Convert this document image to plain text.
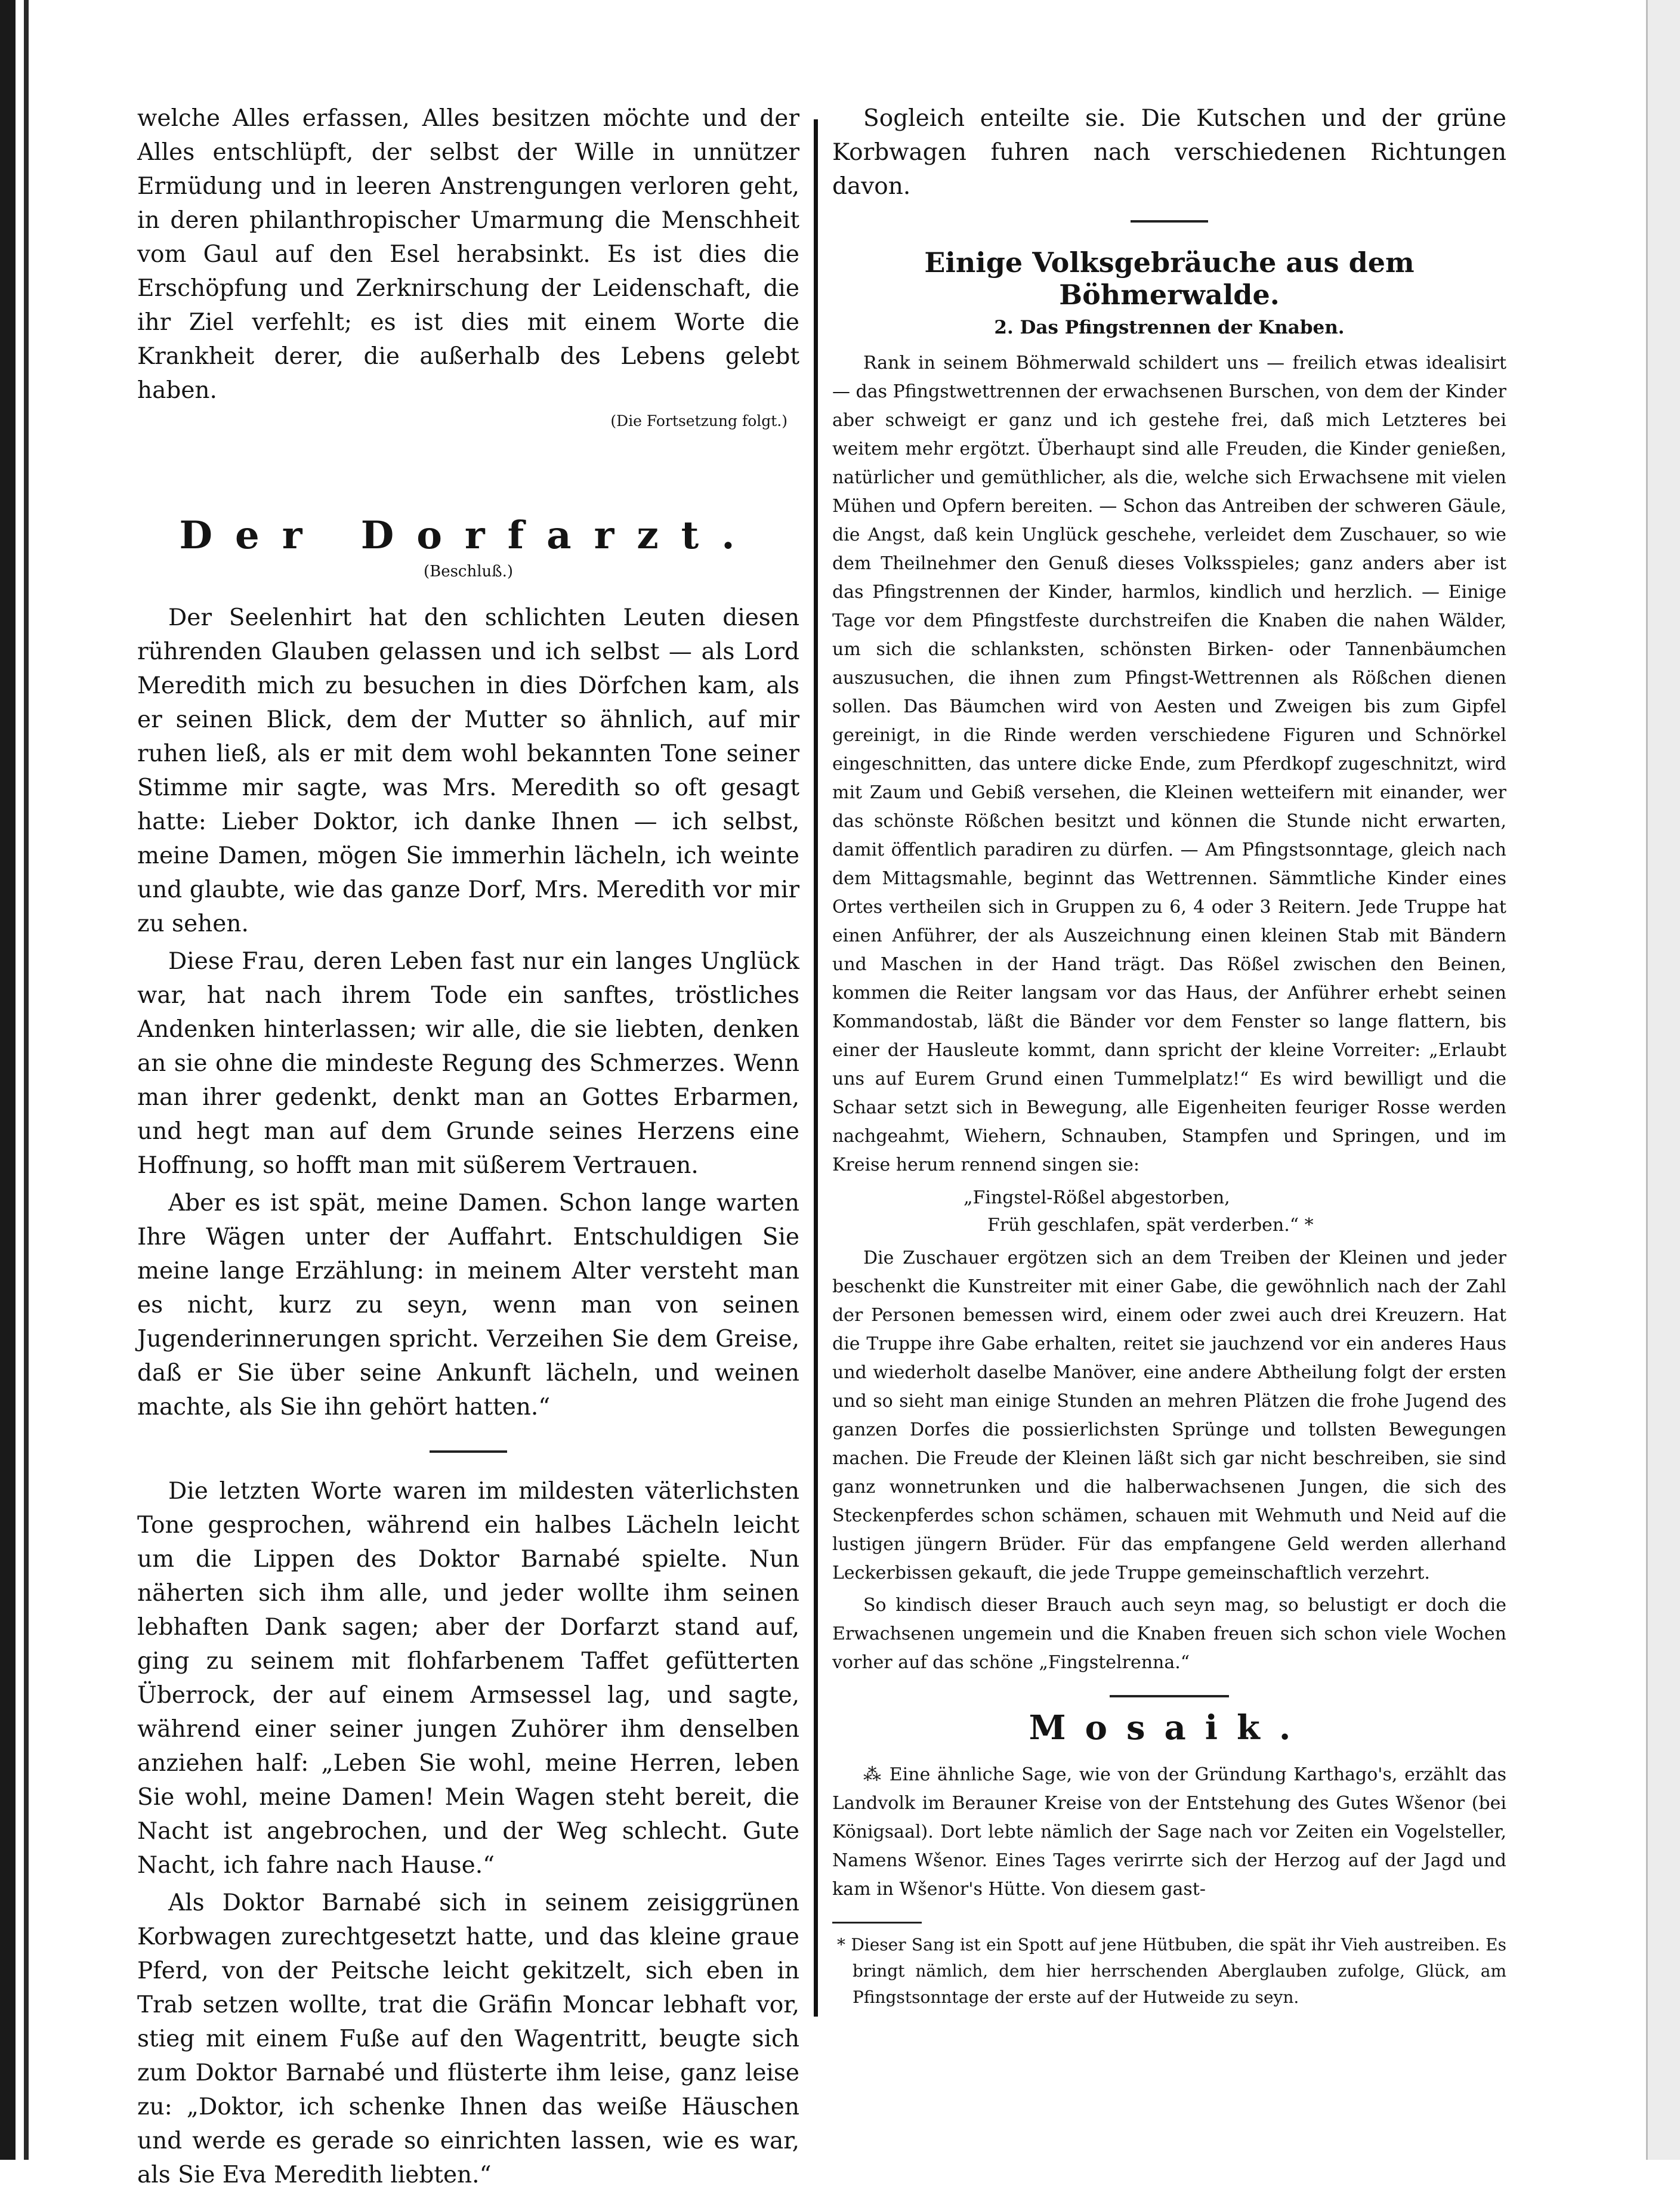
welche Alles erfassen, Alles besitzen möchte und der Alles entschlüpft, der selbst der Wille in unnützer Ermüdung und in leeren Anstrengungen verloren geht, in deren philanthropischer Umarmung die Menschheit vom Gaul auf den Esel herabsinkt. Es ist dies die Erschöpfung und Zerknirschung der Leidenschaft, die ihr Ziel verfehlt; es ist dies mit einem Worte die Krankheit derer, die außerhalb des Lebens gelebt haben.

(Die Fortsetzung folgt.)

Der Dorfarzt.

(Beschluß.)

Der Seelenhirt hat den schlichten Leuten diesen rührenden Glauben gelassen und ich selbst — als Lord Meredith mich zu besuchen in dies Dörfchen kam, als er seinen Blick, dem der Mutter so ähnlich, auf mir ruhen ließ, als er mit dem wohl bekannten Tone seiner Stimme mir sagte, was Mrs. Meredith so oft gesagt hatte: Lieber Doktor, ich danke Ihnen — ich selbst, meine Damen, mögen Sie immerhin lächeln, ich weinte und glaubte, wie das ganze Dorf, Mrs. Meredith vor mir zu sehen.

Diese Frau, deren Leben fast nur ein langes Unglück war, hat nach ihrem Tode ein sanftes, tröstliches Andenken hinterlassen; wir alle, die sie liebten, denken an sie ohne die mindeste Regung des Schmerzes. Wenn man ihrer gedenkt, denkt man an Gottes Erbarmen, und hegt man auf dem Grunde seines Herzens eine Hoffnung, so hofft man mit süßerem Vertrauen.

Aber es ist spät, meine Damen. Schon lange warten Ihre Wägen unter der Auffahrt. Entschuldigen Sie meine lange Erzählung: in meinem Alter versteht man es nicht, kurz zu seyn, wenn man von seinen Jugenderinnerungen spricht. Verzeihen Sie dem Greise, daß er Sie über seine Ankunft lächeln, und weinen machte, als Sie ihn gehört hatten.“

Die letzten Worte waren im mildesten väterlichsten Tone gesprochen, während ein halbes Lächeln leicht um die Lippen des Doktor Barnabé spielte. Nun näherten sich ihm alle, und jeder wollte ihm seinen lebhaften Dank sagen; aber der Dorfarzt stand auf, ging zu seinem mit flohfarbenem Taffet gefütterten Überrock, der auf einem Armsessel lag, und sagte, während einer seiner jungen Zuhörer ihm denselben anziehen half: „Leben Sie wohl, meine Herren, leben Sie wohl, meine Damen! Mein Wagen steht bereit, die Nacht ist angebrochen, und der Weg schlecht. Gute Nacht, ich fahre nach Hause.“

Als Doktor Barnabé sich in seinem zeisiggrünen Korbwagen zurechtgesetzt hatte, und das kleine graue Pferd, von der Peitsche leicht gekitzelt, sich eben in Trab setzen wollte, trat die Gräfin Moncar lebhaft vor, stieg mit einem Fuße auf den Wagentritt, beugte sich zum Doktor Barnabé und flüsterte ihm leise, ganz leise zu: „Doktor, ich schenke Ihnen das weiße Häuschen und werde es gerade so einrichten lassen, wie es war, als Sie Eva Meredith liebten.“

Sogleich enteilte sie. Die Kutschen und der grüne Korbwagen fuhren nach verschiedenen Richtungen davon.

Einige Volksgebräuche aus dem Böhmerwalde.

2. Das Pfingstrennen der Knaben.

Rank in seinem Böhmerwald schildert uns — freilich etwas idealisirt — das Pfingstwettrennen der erwachsenen Burschen, von dem der Kinder aber schweigt er ganz und ich gestehe frei, daß mich Letzteres bei weitem mehr ergötzt. Überhaupt sind alle Freuden, die Kinder genießen, natürlicher und gemüthlicher, als die, welche sich Erwachsene mit vielen Mühen und Opfern bereiten. — Schon das Antreiben der schweren Gäule, die Angst, daß kein Unglück geschehe, verleidet dem Zuschauer, so wie dem Theilnehmer den Genuß dieses Volksspieles; ganz anders aber ist das Pfingstrennen der Kinder, harmlos, kindlich und herzlich. — Einige Tage vor dem Pfingstfeste durchstreifen die Knaben die nahen Wälder, um sich die schlanksten, schönsten Birken- oder Tannenbäumchen auszusuchen, die ihnen zum Pfingst-Wettrennen als Rößchen dienen sollen. Das Bäumchen wird von Aesten und Zweigen bis zum Gipfel gereinigt, in die Rinde werden verschiedene Figuren und Schnörkel eingeschnitten, das untere dicke Ende, zum Pferdkopf zugeschnitzt, wird mit Zaum und Gebiß versehen, die Kleinen wetteifern mit einander, wer das schönste Rößchen besitzt und können die Stunde nicht erwarten, damit öffentlich paradiren zu dürfen. — Am Pfingstsonntage, gleich nach dem Mittagsmahle, beginnt das Wettrennen. Sämmtliche Kinder eines Ortes vertheilen sich in Gruppen zu 6, 4 oder 3 Reitern. Jede Truppe hat einen Anführer, der als Auszeichnung einen kleinen Stab mit Bändern und Maschen in der Hand trägt. Das Rößel zwischen den Beinen, kommen die Reiter langsam vor das Haus, der Anführer erhebt seinen Kommandostab, läßt die Bänder vor dem Fenster so lange flattern, bis einer der Hausleute kommt, dann spricht der kleine Vorreiter: „Erlaubt uns auf Eurem Grund einen Tummelplatz!“ Es wird bewilligt und die Schaar setzt sich in Bewegung, alle Eigenheiten feuriger Rosse werden nachgeahmt, Wiehern, Schnauben, Stampfen und Springen, und im Kreise herum rennend singen sie:

„Fingstel-Rößel abgestorben,

Früh geschlafen, spät verderben.“ *

Die Zuschauer ergötzen sich an dem Treiben der Kleinen und jeder beschenkt die Kunstreiter mit einer Gabe, die gewöhnlich nach der Zahl der Personen bemessen wird, einem oder zwei auch drei Kreuzern. Hat die Truppe ihre Gabe erhalten, reitet sie jauchzend vor ein anderes Haus und wiederholt daselbe Manöver, eine andere Abtheilung folgt der ersten und so sieht man einige Stunden an mehren Plätzen die frohe Jugend des ganzen Dorfes die possierlichsten Sprünge und tollsten Bewegungen machen. Die Freude der Kleinen läßt sich gar nicht beschreiben, sie sind ganz wonnetrunken und die halberwachsenen Jungen, die sich des Steckenpferdes schon schämen, schauen mit Wehmuth und Neid auf die lustigen jüngern Brüder. Für das empfangene Geld werden allerhand Leckerbissen gekauft, die jede Truppe gemeinschaftlich verzehrt.

So kindisch dieser Brauch auch seyn mag, so belustigt er doch die Erwachsenen ungemein und die Knaben freuen sich schon viele Wochen vorher auf das schöne „Fingstelrenna.“

Mosaik.

⁂ Eine ähnliche Sage, wie von der Gründung Karthago's, erzählt das Landvolk im Berauner Kreise von der Entstehung des Gutes Wšenor (bei Königsaal). Dort lebte nämlich der Sage nach vor Zeiten ein Vogelsteller, Namens Wšenor. Eines Tages verirrte sich der Herzog auf der Jagd und kam in Wšenor's Hütte. Von diesem gast-

* Dieser Sang ist ein Spott auf jene Hütbuben, die spät ihr Vieh austreiben. Es bringt nämlich, dem hier herrschenden Aberglauben zufolge, Glück, am Pfingstsonntage der erste auf der Hutweide zu seyn.
